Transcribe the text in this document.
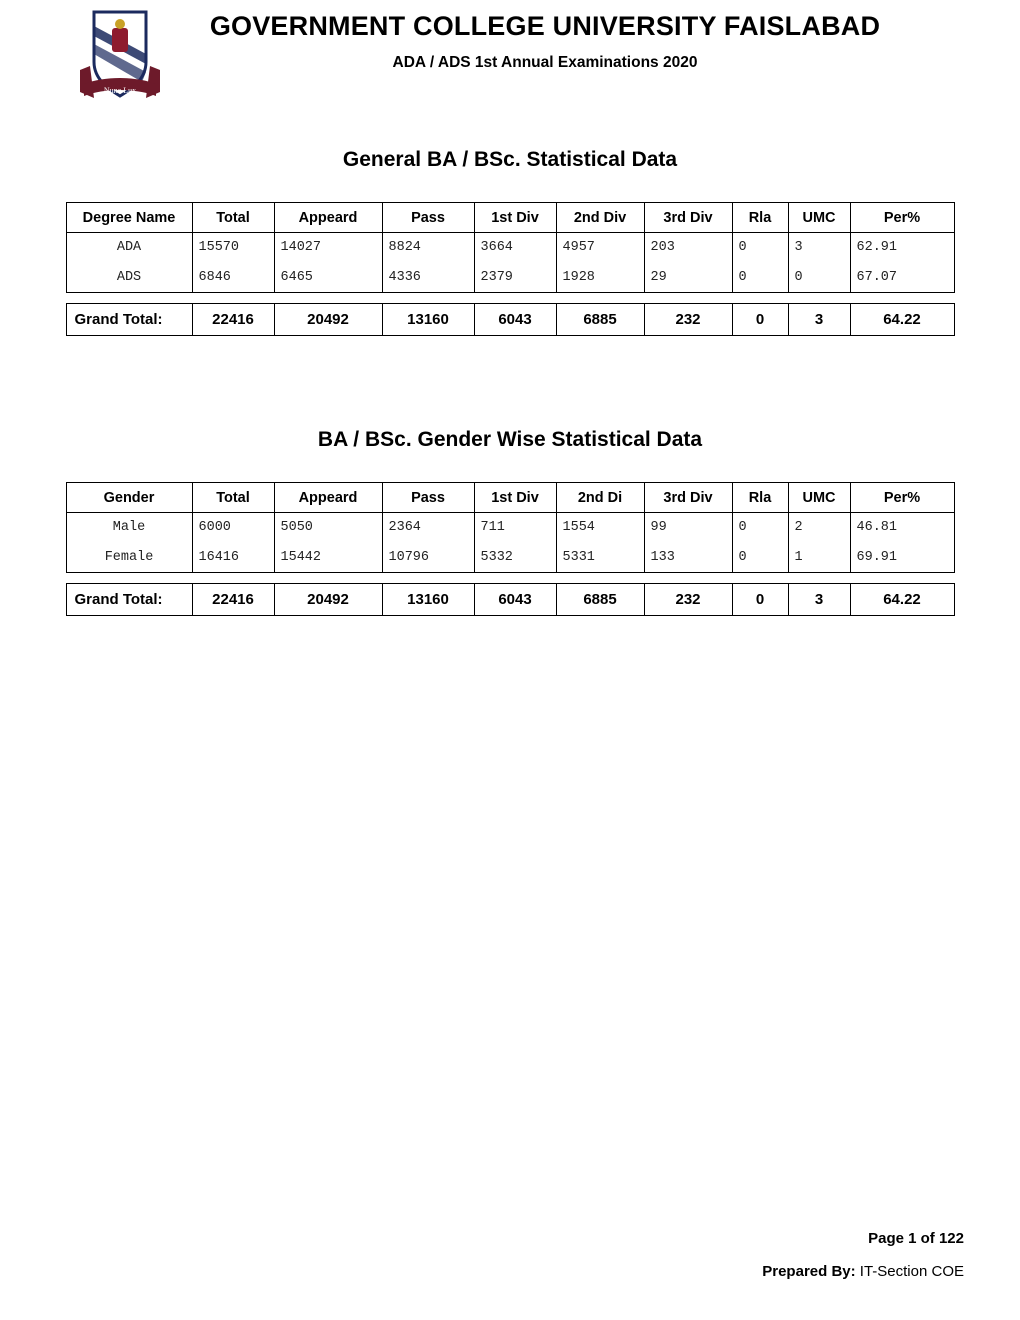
Nunc Lux
GOVERNMENT COLLEGE UNIVERSITY FAISLABAD
ADA / ADS 1st Annual Examinations 2020
General BA / BSc. Statistical Data
Degree Name	Total	Appeard	Pass	1st Div	2nd Div	3rd Div	Rla	UMC	Per%
ADA	15570	14027	8824	3664	4957	203	0	3	62.91
ADS	6846	6465	4336	2379	1928	29	0	0	67.07
Grand Total:	22416	20492	13160	6043	6885	232	0	3	64.22
BA / BSc. Gender Wise Statistical Data
Gender	Total	Appeard	Pass	1st Div	2nd Di	3rd Div	Rla	UMC	Per%
Male	6000	5050	2364	711	1554	99	0	2	46.81
Female	16416	15442	10796	5332	5331	133	0	1	69.91
Grand Total:	22416	20492	13160	6043	6885	232	0	3	64.22
Page 1 of 122
Prepared By: IT-Section COE
